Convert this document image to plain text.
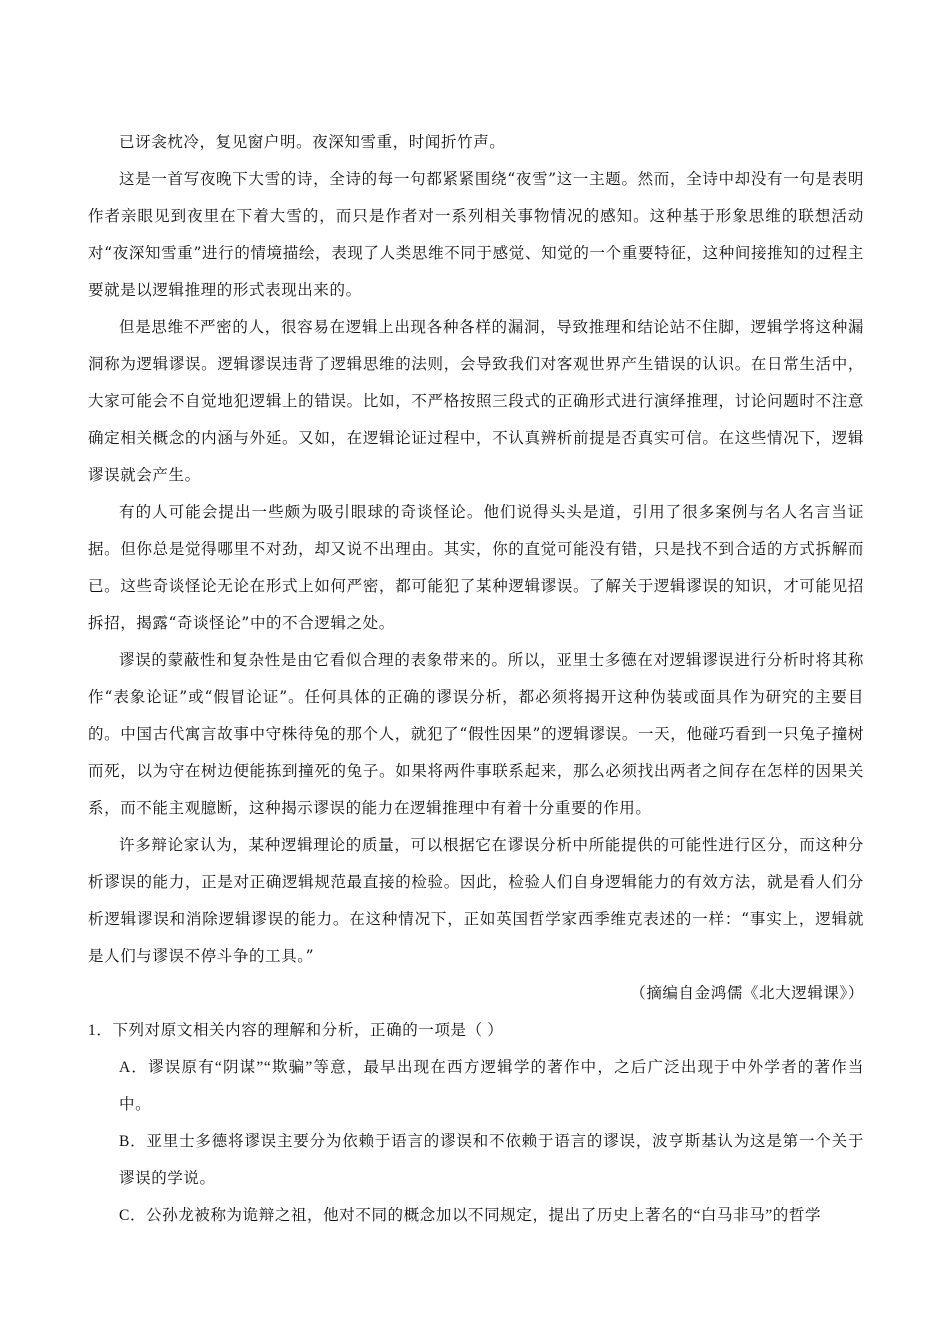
已讶衾枕冷，复见窗户明。夜深知雪重，时闻折竹声。

这是一首写夜晚下大雪的诗，全诗的每一句都紧紧围绕“夜雪”这一主题。然而，全诗中却没有一句是表明作者亲眼见到夜里在下着大雪的，而只是作者对一系列相关事物情况的感知。这种基于形象思维的联想活动对“夜深知雪重”进行的情境描绘，表现了人类思维不同于感觉、知觉的一个重要特征，这种间接推知的过程主要就是以逻辑推理的形式表现出来的。

但是思维不严密的人，很容易在逻辑上出现各种各样的漏洞，导致推理和结论站不住脚，逻辑学将这种漏洞称为逻辑谬误。逻辑谬误违背了逻辑思维的法则，会导致我们对客观世界产生错误的认识。在日常生活中，大家可能会不自觉地犯逻辑上的错误。比如，不严格按照三段式的正确形式进行演绎推理，讨论问题时不注意确定相关概念的内涵与外延。又如，在逻辑论证过程中，不认真辨析前提是否真实可信。在这些情况下，逻辑谬误就会产生。

有的人可能会提出一些颇为吸引眼球的奇谈怪论。他们说得头头是道，引用了很多案例与名人名言当证据。但你总是觉得哪里不对劲，却又说不出理由。其实，你的直觉可能没有错，只是找不到合适的方式拆解而已。这些奇谈怪论无论在形式上如何严密，都可能犯了某种逻辑谬误。了解关于逻辑谬误的知识，才可能见招拆招，揭露“奇谈怪论”中的不合逻辑之处。

谬误的蒙蔽性和复杂性是由它看似合理的表象带来的。所以，亚里士多德在对逻辑谬误进行分析时将其称作“表象论证”或“假冒论证”。任何具体的正确的谬误分析，都必须将揭开这种伪装或面具作为研究的主要目的。中国古代寓言故事中守株待兔的那个人，就犯了“假性因果”的逻辑谬误。一天，他碰巧看到一只兔子撞树而死，以为守在树边便能拣到撞死的兔子。如果将两件事联系起来，那么必须找出两者之间存在怎样的因果关系，而不能主观臆断，这种揭示谬误的能力在逻辑推理中有着十分重要的作用。

许多辩论家认为，某种逻辑理论的质量，可以根据它在谬误分析中所能提供的可能性进行区分，而这种分析谬误的能力，正是对正确逻辑规范最直接的检验。因此，检验人们自身逻辑能力的有效方法，就是看人们分析逻辑谬误和消除逻辑谬误的能力。在这种情况下，正如英国哲学家西季维克表述的一样：“事实上，逻辑就是人们与谬误不停斗争的工具。”

（摘编自金鸿儒《北大逻辑课》）

1．下列对原文相关内容的理解和分析，正确的一项是（ ）

A．谬误原有“阴谋”“欺骗”等意，最早出现在西方逻辑学的著作中，之后广泛出现于中外学者的著作当中。

B．亚里士多德将谬误主要分为依赖于语言的谬误和不依赖于语言的谬误，波亨斯基认为这是第一个关于谬误的学说。

C．公孙龙被称为诡辩之祖，他对不同的概念加以不同规定，提出了历史上著名的“白马非马”的哲学
